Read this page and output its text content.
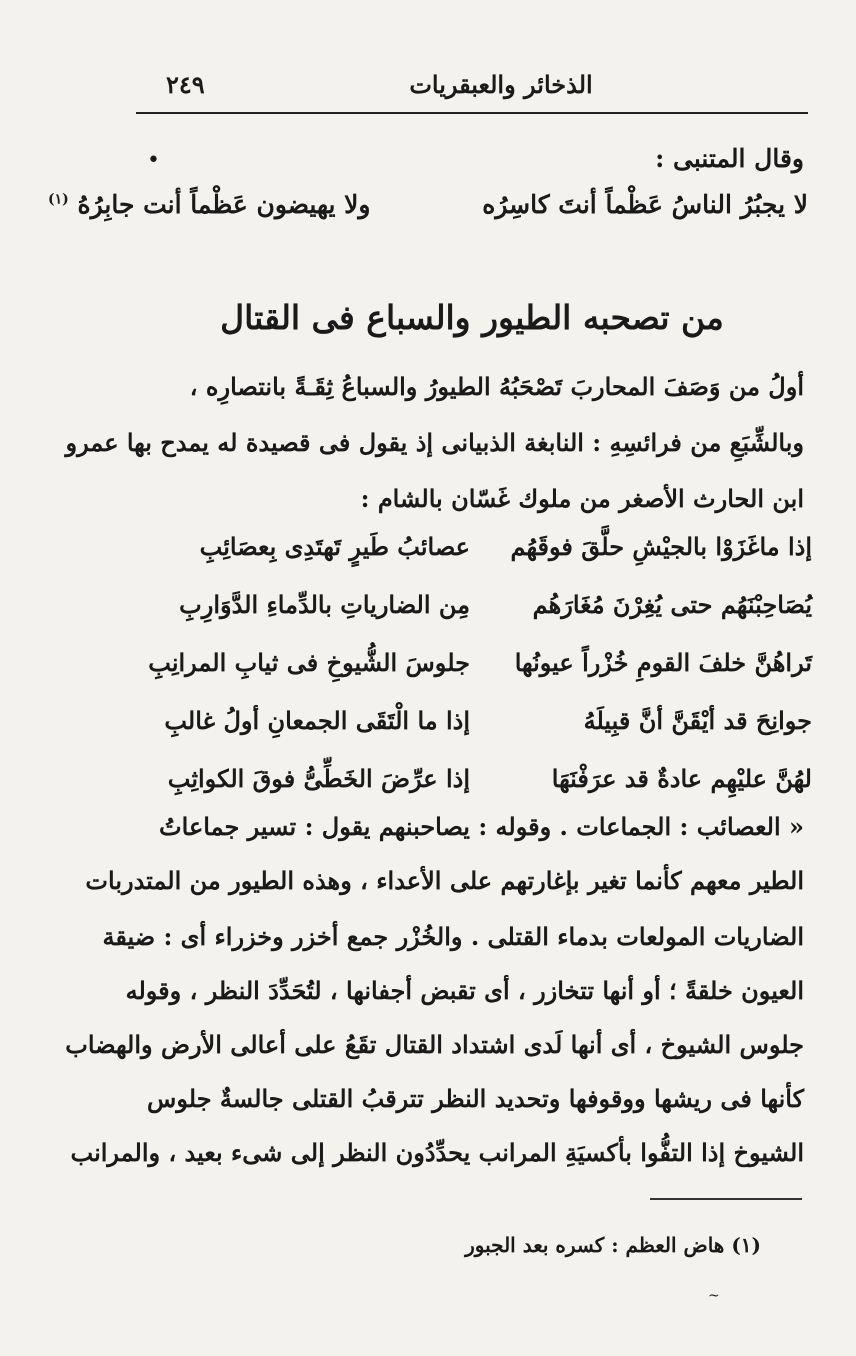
٢٤٩	الذخائر والعبقريات
وقال المتنبى :
•
لا يجبُرُ الناسُ عَظْماً أنتَ كاسِرُه
ولا يهيضون عَظْماً أنت جابِرُهُ $^{(١)}$
من تصحبه الطيور والسباع فى القتال
أولُ من وَصَفَ المحاربَ تَصْحَبُهُ الطيورُ والسباعُ ثِقَـةً بانتصارِه ،
وبالشِّبَعِ من فرائسِهِ : النابغة الذبيانى إذ يقول فى قصيدة له يمدح بها عمرو
ابن الحارث الأصغر من ملوك غَسّان بالشام :
إذا ماغَزَوْا بالجيْشِ حلَّقَ فوقَهُم
عصائبُ طَيرٍ تَهتَدِى بِعصَائِبِ
يُصَاحِبْنَهُم حتى يُغِرْنَ مُغَارَهُم
مِن الضارياتِ بالدِّماءِ الدَّوَارِبِ
تَراهُنَّ خلفَ القومِ خُزْراً عيونُها
جلوسَ الشُّيوخِ فى ثيابِ المرانِبِ
جوانِحَ قد أيْقَنَّ أنَّ قبِيلَهُ
إذا ما الْتَقَى الجمعانِ أولُ غالبِ
لهُنَّ عليْهِم عادةٌ قد عرَفْنَهَا
إذا عرِّضَ الخَطِّىُّ فوقَ الكواثِبِ
« العصائب : الجماعات . وقوله : يصاحبنهم يقول : تسير جماعاتُ
الطير معهم كأنما تغير بإغارتهم على الأعداء ، وهذه الطيور من المتدربات
الضاريات المولعات بدماء القتلى . والخُزْر جمع أخزر وخزراء أى : ضيقة
العيون خلقةً ؛ أو أنها تتخازر ، أى تقبض أجفانها ، لتُحَدِّدَ النظر ، وقوله
جلوس الشيوخ ، أى أنها لَدى اشتداد القتال تقَعُ على أعالى الأرض والهضاب
كأنها فى ريشها ووقوفها وتحديد النظر تترقبُ القتلى جالسةٌ جلوس
الشيوخ إذا التفُّوا بأكسيَةِ المرانب يحدِّدُون النظر إلى شىء بعيد ، والمرانب
(١) هاض العظم : كسره بعد الجبور
~
